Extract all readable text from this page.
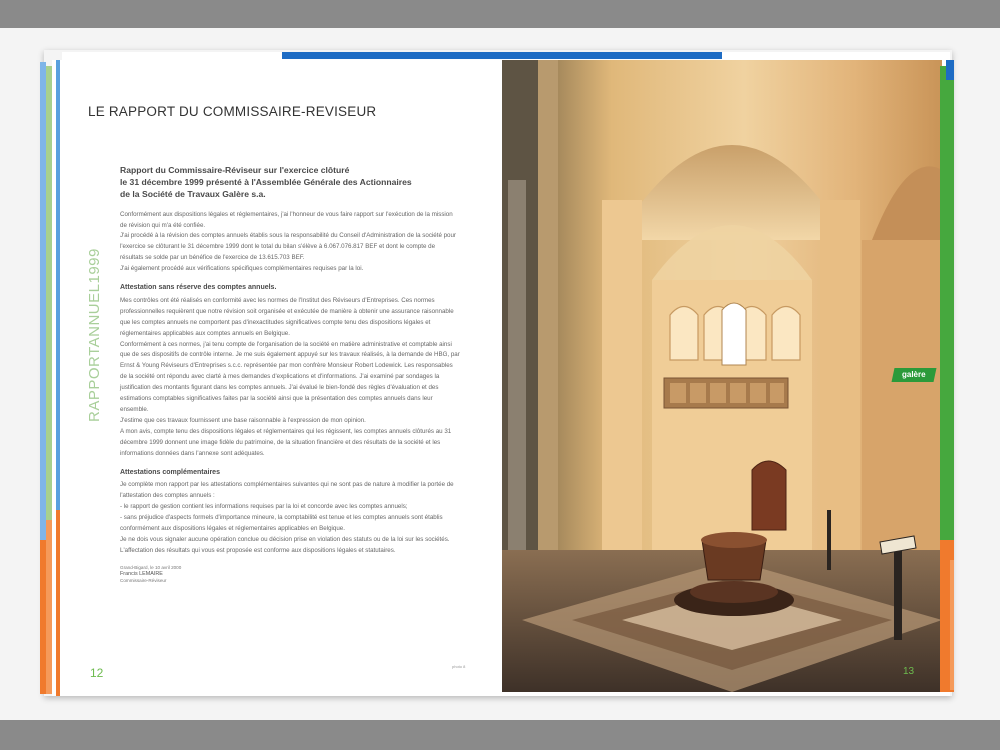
LE RAPPORT DU COMMISSAIRE-REVISEUR
RAPPORTANNUEL1999
Rapport du Commissaire-Réviseur sur l'exercice clôturé
le 31 décembre 1999 présenté à l'Assemblée Générale des Actionnaires
de la Société de Travaux Galère s.a.

Conformément aux dispositions légales et réglementaires, j'ai l'honneur de vous faire rapport sur l'exécution de la mission de révision qui m'a été confiée.

J'ai procédé à la révision des comptes annuels établis sous la responsabilité du Conseil d'Administration de la société pour l'exercice se clôturant le 31 décembre 1999 dont le total du bilan s'élève à 6.067.076.817 BEF et dont le compte de résultats se solde par un bénéfice de l'exercice de 13.615.703 BEF.

J'ai également procédé aux vérifications spécifiques complémentaires requises par la loi.

Attestation sans réserve des comptes annuels.

Mes contrôles ont été réalisés en conformité avec les normes de l'Institut des Réviseurs d'Entreprises. Ces normes professionnelles requièrent que notre révision soit organisée et exécutée de manière à obtenir une assurance raisonnable que les comptes annuels ne comportent pas d'inexactitudes significatives compte tenu des dispositions légales et réglementaires applicables aux comptes annuels en Belgique.

Conformément à ces normes, j'ai tenu compte de l'organisation de la société en matière administrative et comptable ainsi que de ses dispositifs de contrôle interne. Je me suis également appuyé sur les travaux réalisés, à la demande de HBG, par Ernst & Young Réviseurs d'Entreprises s.c.c. représentée par mon confrère Monsieur Robert Lodewick. Les responsables de la société ont répondu avec clarté à mes demandes d'explications et d'informations. J'ai examiné par sondages la justification des montants figurant dans les comptes annuels. J'ai évalué le bien-fondé des règles d'évaluation et des estimations comptables significatives faites par la société ainsi que la présentation des comptes annuels dans leur ensemble.

J'estime que ces travaux fournissent une base raisonnable à l'expression de mon opinion.

A mon avis, compte tenu des dispositions légales et réglementaires qui les régissent, les comptes annuels clôturés au 31 décembre 1999 donnent une image fidèle du patrimoine, de la situation financière et des résultats de la société et les informations données dans l'annexe sont adéquates.

Attestations complémentaires

Je complète mon rapport par les attestations complémentaires suivantes qui ne sont pas de nature à modifier la portée de l'attestation des comptes annuels :

- le rapport de gestion contient les informations requises par la loi et concorde avec les comptes annuels;

- sans préjudice d'aspects formels d'importance mineure, la comptabilité est tenue et les comptes annuels sont établis conformément aux dispositions légales et réglementaires applicables en Belgique.

Je ne dois vous signaler aucune opération conclue ou décision prise en violation des statuts ou de la loi sur les sociétés. L'affectation des résultats qui vous est proposée est conforme aux dispositions légales et statutaires.

Grand-Bigard, le 10 avril 2000
Francis LEMAIRE
Commissaire-Réviseur
12	photo 8
galère
13
